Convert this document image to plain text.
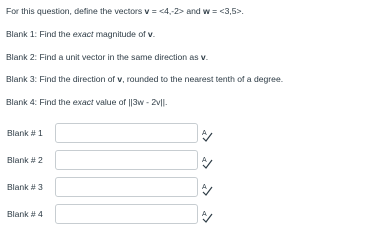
For this question, define the vectors v = <4,-2> and w = <3,5>.
Blank 1: Find the exact magnitude of v.
Blank 2: Find a unit vector in the same direction as v.
Blank 3: Find the direction of v, rounded to the nearest tenth of a degree.
Blank 4: Find the exact value of ||3w - 2v||.
Blank # 1	A
Blank # 2	A
Blank # 3	A
Blank # 4	A
